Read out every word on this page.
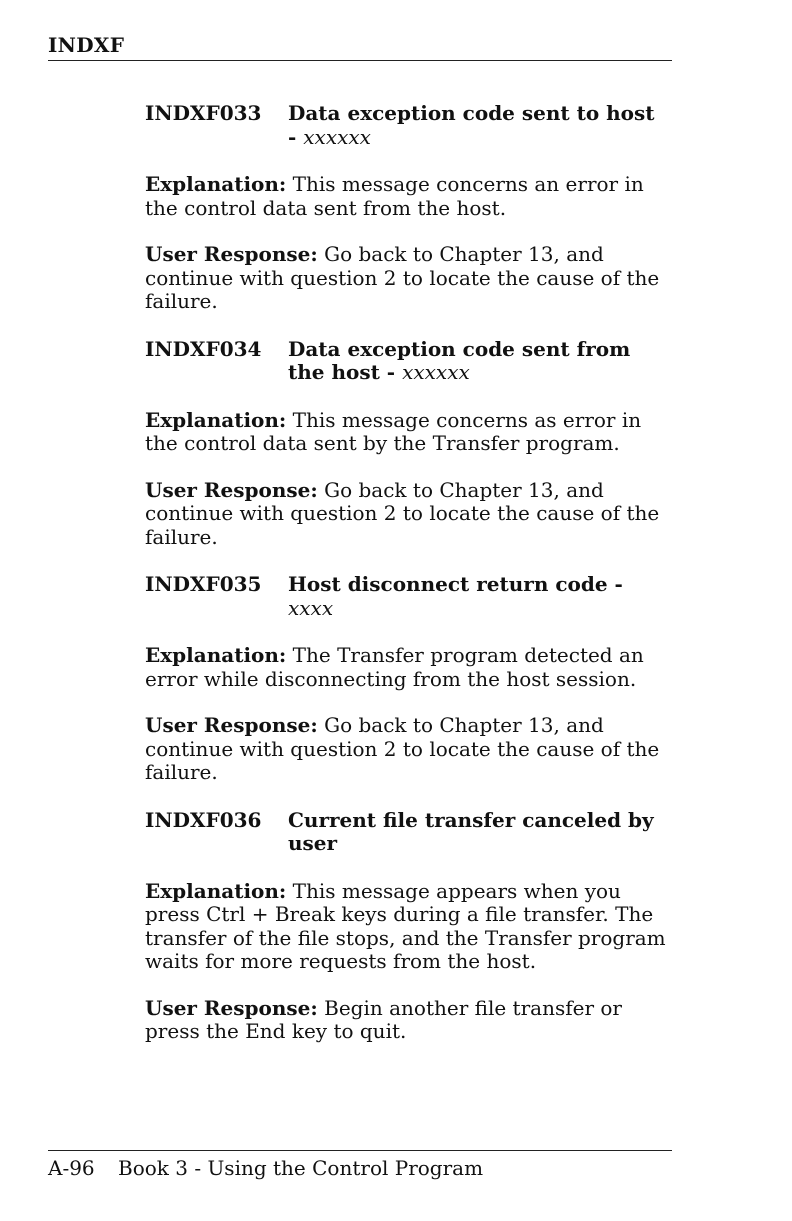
INDXF
INDXF033	Data exception code sent to host
- xxxxxx

Explanation: This message concerns an error in the control data sent from the host.

User Response: Go back to Chapter 13, and continue with question 2 to locate the cause of the failure.

INDXF034	Data exception code sent from
the host - xxxxxx

Explanation: This message concerns as error in the control data sent by the Transfer program.

User Response: Go back to Chapter 13, and continue with question 2 to locate the cause of the failure.

INDXF035	Host disconnect return code -
xxxx

Explanation: The Transfer program detected an error while disconnecting from the host session.

User Response: Go back to Chapter 13, and continue with question 2 to locate the cause of the failure.

INDXF036	Current file transfer canceled by
user

Explanation: This message appears when you press Ctrl + Break keys during a file transfer. The transfer of the file stops, and the Transfer program waits for more requests from the host.

User Response: Begin another file transfer or press the End key to quit.

A-96 Book 3 - Using the Control Program
